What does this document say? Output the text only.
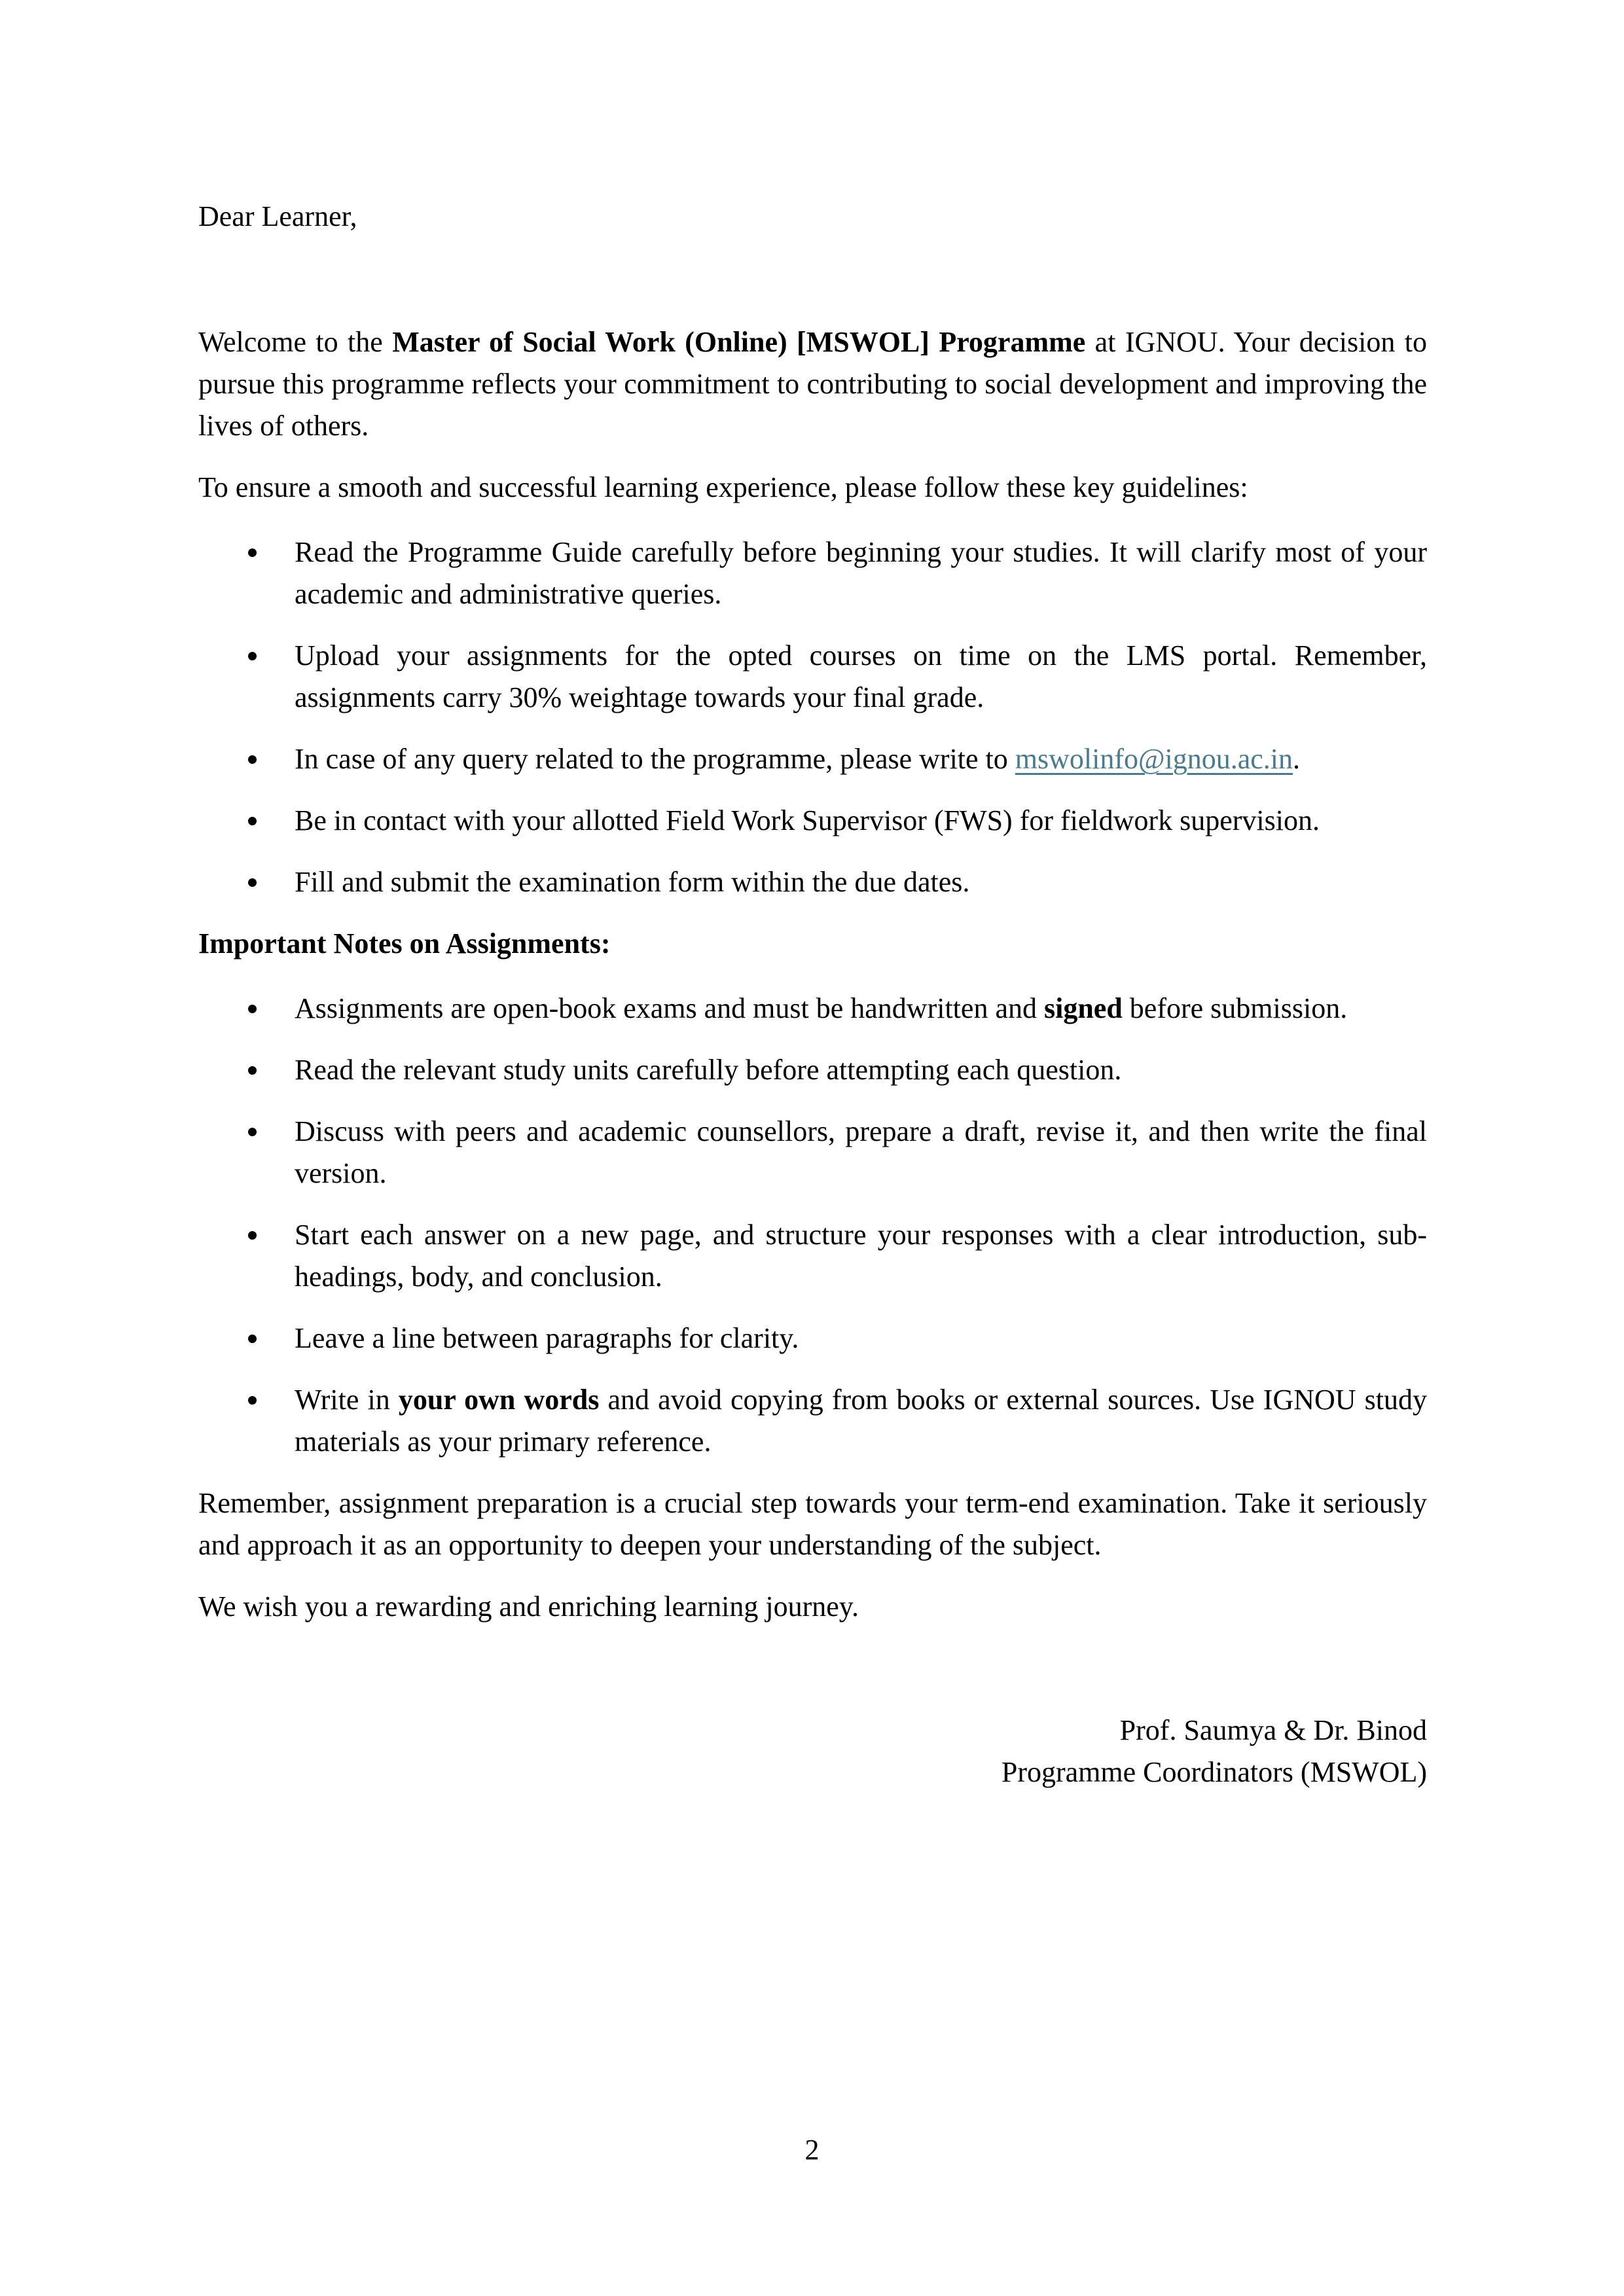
Dear Learner,

Welcome to the Master of Social Work (Online) [MSWOL] Programme at IGNOU. Your decision to pursue this programme reflects your commitment to contributing to social development and improving the lives of others.

To ensure a smooth and successful learning experience, please follow these key guidelines:

Read the Programme Guide carefully before beginning your studies. It will clarify most of your academic and administrative queries.
Upload your assignments for the opted courses on time on the LMS portal. Remember, assignments carry 30% weightage towards your final grade.
In case of any query related to the programme, please write to mswolinfo@ignou.ac.in.
Be in contact with your allotted Field Work Supervisor (FWS) for fieldwork supervision.
Fill and submit the examination form within the due dates.

Important Notes on Assignments:

Assignments are open-book exams and must be handwritten and signed before submission.
Read the relevant study units carefully before attempting each question.
Discuss with peers and academic counsellors, prepare a draft, revise it, and then write the final version.
Start each answer on a new page, and structure your responses with a clear introduction, sub-headings, body, and conclusion.
Leave a line between paragraphs for clarity.
Write in your own words and avoid copying from books or external sources. Use IGNOU study materials as your primary reference.

Remember, assignment preparation is a crucial step towards your term-end examination. Take it seriously and approach it as an opportunity to deepen your understanding of the subject.

We wish you a rewarding and enriching learning journey.

Prof. Saumya & Dr. Binod
Programme Coordinators (MSWOL)
2
